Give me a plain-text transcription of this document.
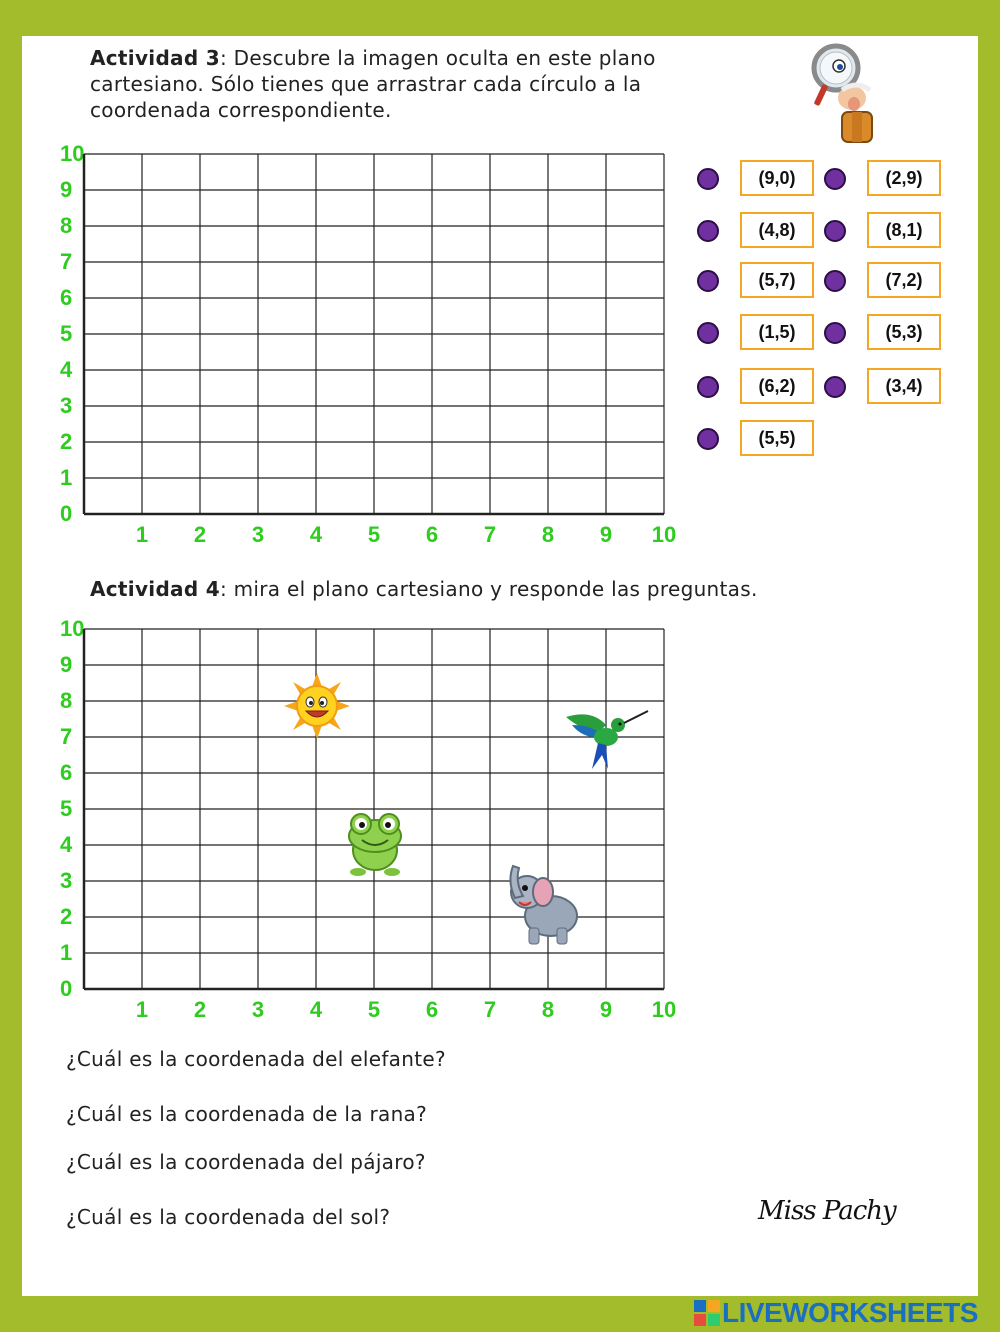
Actividad 3: Descubre la imagen oculta en este plano
cartesiano. Sólo tienes que arrastrar cada círculo a la
coordenada correspondiente.
0
1
2
3
4
5
6
7
8
9
10
1	2	3	4	5	6	7	8	9	10
(9,0)	(2,9)
(4,8)	(8,1)
(5,7)	(7,2)
(1,5)	(5,3)
(6,2)	(3,4)
(5,5)
Actividad 4: mira el plano cartesiano y responde las preguntas.
0
1
2
3
4
5
6
7
8
9
10
1	2	3	4	5	6	7	8	9	10
¿Cuál es la coordenada del elefante?
¿Cuál es la coordenada de la rana?
¿Cuál es la coordenada del pájaro?
¿Cuál es la coordenada del sol?	Miss Pachy
LIVEWORKSHEETS
